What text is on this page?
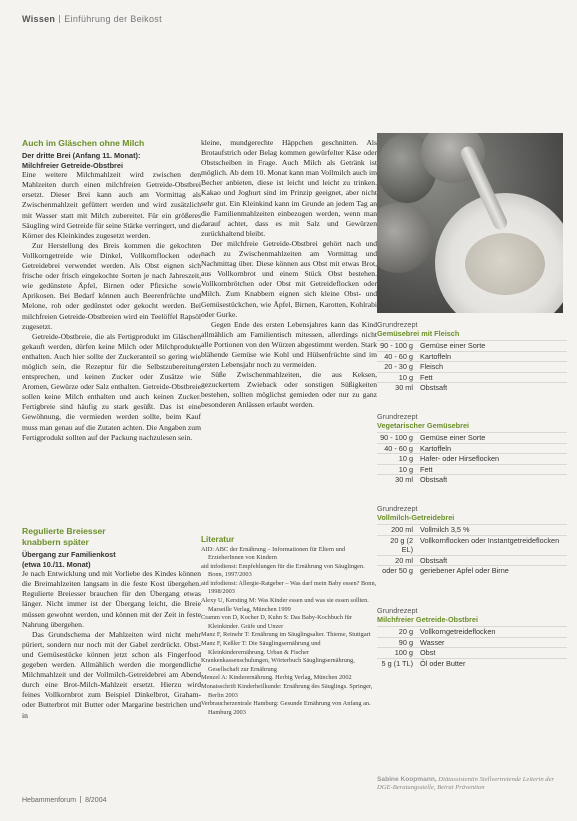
Wissen Einführung der Beikost
Auch im Gläschen ohne Milch
Der dritte Brei (Anfang 11. Monat):
Milchfreier Getreide-Obstbrei

Eine weitere Milchmahlzeit wird zwischen den Mahlzeiten durch einen milchfreien Getreide-Obstbrei ersetzt. Dieser Brei kann auch am Vormittag als Zwischenmahlzeit gefüttert werden und wird zusätzlich mit Wasser statt mit Milch zubereitet. Für ein größeres Säugling wird Getreide für seine Stärke verringert, und die Körner des Kleinkindes zugesetzt werden.

Zur Herstellung des Breis kommen die gekochten Vollkorngetreide wie Dinkel, Vollkornflocken oder Getreidebrei verwendet werden. Als Obst eignen sich frische oder frisch eingekochte Sorten je nach Jahreszeit, wie gedünstete Äpfel, Birnen oder Pfirsiche sowie Aprikosen. Bei Bedarf können auch Beerenfrüchte und Melone, roh oder gedünstet oder gekocht werden. Bei milchfreien Getreide-Obstbreien wird ein Teelöffel Rapsöl zugesetzt.

Getreide-Obstbreie, die als Fertigprodukt im Gläschen gekauft werden, dürfen keine Milch oder Milchprodukte enthalten. Auch hier sollte der Zuckeranteil so gering wie möglich sein, die Rezeptur für die Selbstzubereitung entsprechen, und keinen Zucker oder Zusätze wie Aromen, Gewürze oder Salz enthalten. Getreide-Obstbreie sollen keine Milch enthalten und auch keinen Zucker. Fertigbreie sind häufig zu stark gesüßt. Das ist eine Gewöhnung, die vermieden werden sollte, beim Kauf muss man genau auf die Zutaten achten. Die Angaben zum Fertigprodukt sollten auf der Packung nachzulesen sein.

Regulierte Breiesser
knabbern später
Übergang zur Familienkost
(etwa 10./11. Monat)

Je nach Entwicklung und mit Vorliebe des Kindes können die Breimahlzeiten langsam in die feste Kost übergehen. Regulierte Breiesser brauchen für den Übergang etwas länger. Nicht immer ist der Übergang leicht, die Breie müssen gewohnt werden, und können mit der Zeit in feste Nahrung übergehen.

Das Grundschema der Mahlzeiten wird nicht mehr püriert, sondern nur noch mit der Gabel zerdrückt. Obst- und Gemüsestücke können jetzt schon als Fingerfood gegeben werden. Allmählich werden die morgendliche Milchmahlzeit und der Vollmilch-Getreidebrei am Abend durch eine Brot-Milch-Mahlzeit ersetzt. Hierzu wird feines Vollkornbrot zum Beispiel Dinkelbrot, Graham- oder Butterbrot mit Butter oder Margarine bestrichen und in

kleine, mundgerechte Häppchen geschnitten. Als Brotaufstrich oder Belag kommen gewürfelter Käse oder Obstscheiben in Frage. Auch Milch als Getränk ist möglich. Ab dem 10. Monat kann man Vollmilch auch im Becher anbieten, diese ist leicht und leicht zu trinken. Kakao und Joghurt sind im Prinzip geeignet, aber nicht sehr gut. Ein Kleinkind kann im Grunde an jedem Tag an die Familienmahlzeiten einbezogen werden, wenn man darauf achtet, dass es mit Salz und Gewürzen zurückhaltend bleibt.

Der milchfreie Getreide-Obstbrei gehört nach und nach zu Zwischenmahlzeiten am Vormittag und Nachmittag über. Diese können aus Obst mit etwas Brot, aus Vollkornbrot und einem Stück Obst bestehen. Vollkornbrötchen oder Obst mit Getreideflocken oder Milch. Zum Knabbern eignen sich kleine Obst- und Gemüsestückchen, wie Äpfel, Birnen, Karotten, Kohlrabi oder Gurke.

Gegen Ende des ersten Lebensjahres kann das Kind allmählich am Familientisch mitessen, allerdings nicht alle Portionen von den Würzen abgestimmt werden. Stark blähende Gemüse wie Kohl und Hülsenfrüchte sind im ersten Lebensjahr noch zu vermeiden.

Süße Zwischenmahlzeiten, die aus Keksen, gezuckertem Zwieback oder sonstigen Süßigkeiten bestehen, sollten möglichst gemieden oder nur zu ganz besonderen Anlässen erlaubt werden.

Literatur
AID: ABC der Ernährung – Informationen für Eltern und ErzieherInnen von Kindern
aid infodienst: Empfehlungen für die Ernährung von Säuglingen. Bonn, 1997/2003
aid infodienst: Allergie-Ratgeber – Was darf mein Baby essen? Bonn, 1998/2003
Alexy U, Kersting M: Was Kinder essen und was sie essen sollten. Marseille Verlag, München 1999
Cramm von D, Kocher D, Kuhn S: Das Baby-Kochbuch für Kleinkinder. Gräfe und Unzer
Manz F, Reinehr T: Ernährung im Säuglingsalter. Thieme, Stuttgart
Manz F, Keßler T: Die Säuglingsernährung und Kleinkinderernährung. Urban & Fischer
Krankenkassenschulungen, Wörterbuch Säuglingsernährung, Gesellschaft zur Ernährung
Menzel A: Kinderernährung. Herbig Verlag, München 2002
Monatsschrift Kinderheilkunde: Ernährung des Säuglings. Springer, Berlin 2003
Verbraucherzentrale Hamburg: Gesunde Ernährung von Anfang an. Hamburg 2003
Grundrezept
Gemüsebrei mit Fleisch
90 - 100 g Gemüse einer Sorte
40 - 60 g Kartoffeln
20 - 30 g Fleisch
10 g Fett
30 ml Obstsaft
Grundrezept
Vegetarischer Gemüsebrei
90 - 100 g Gemüse einer Sorte
40 - 60 g Kartoffeln
10 g Hafer- oder Hirseflocken
10 g Fett
30 ml Obstsaft
Grundrezept
Vollmilch-Getreidebrei
200 ml Vollmilch 3,5 %
20 g (2 EL)
Vollkornflocken oder Instantgetreideflocken
20 ml Obstsaft
oder 50 g geriebener Apfel oder Birne
Grundrezept
Milchfreier Getreide-Obstbrei
20 g Vollkorngetreideflocken
90 g Wasser
100 g Obst
5 g (1 TL) Öl oder Butter
Sabine Koopmann, Diätassistentin Stellvertretende Leiterin der DGE-Beratungsstelle, Beirat Prävention
Hebammenforum 8/2004
